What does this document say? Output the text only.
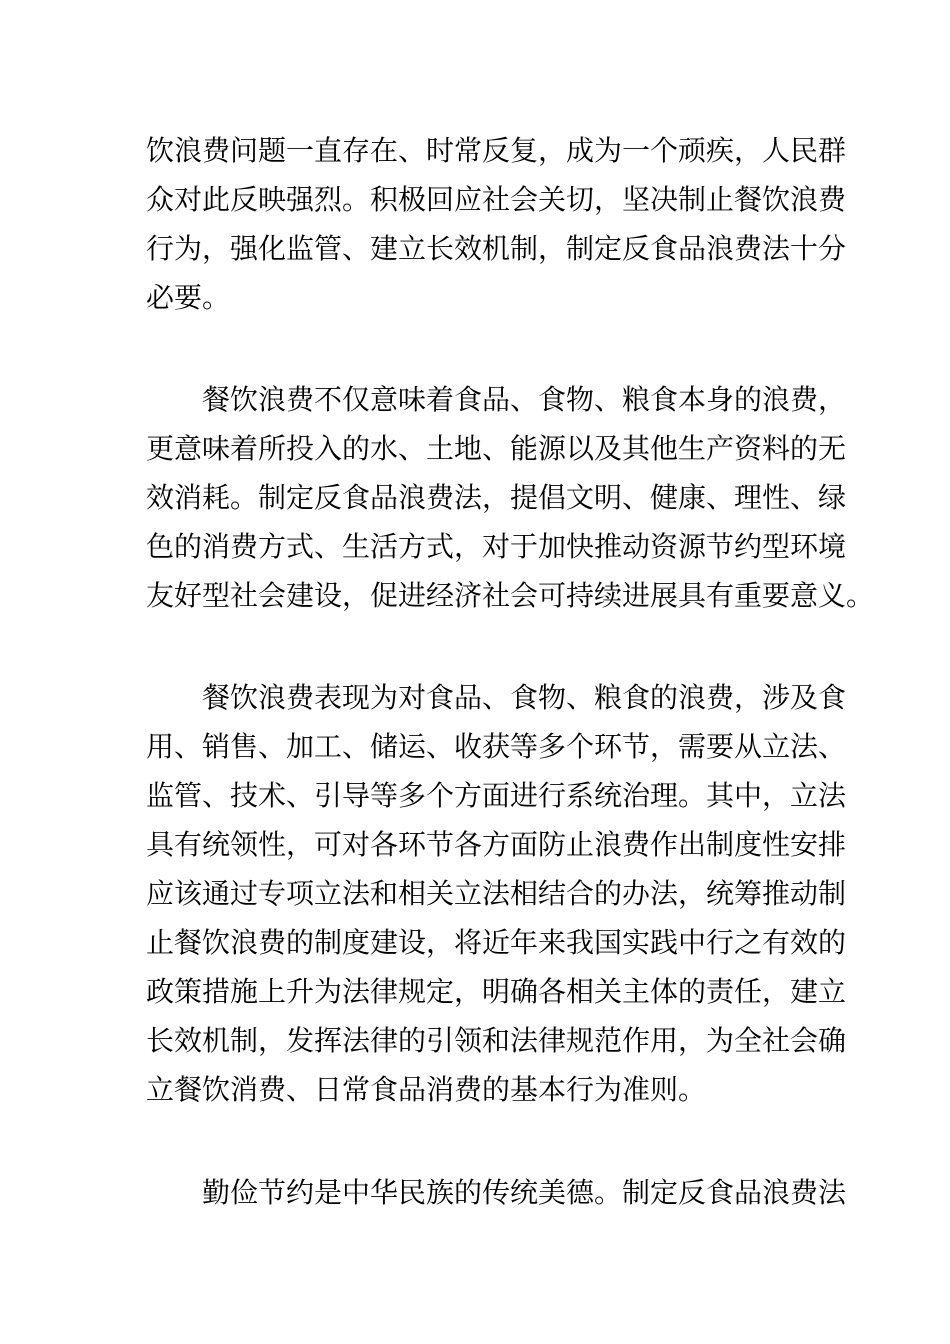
饮浪费问题一直存在、时常反复，成为一个顽疾，人民群
众对此反映强烈。积极回应社会关切，坚决制止餐饮浪费
行为，强化监管、建立长效机制，制定反食品浪费法十分
必要。

餐饮浪费不仅意味着食品、食物、粮食本身的浪费，
更意味着所投入的水、土地、能源以及其他生产资料的无
效消耗。制定反食品浪费法，提倡文明、健康、理性、绿
色的消费方式、生活方式，对于加快推动资源节约型环境
友好型社会建设，促进经济社会可持续进展具有重要意义。

餐饮浪费表现为对食品、食物、粮食的浪费，涉及食
用、销售、加工、储运、收获等多个环节，需要从立法、
监管、技术、引导等多个方面进行系统治理。其中，立法
具有统领性，可对各环节各方面防止浪费作出制度性安排
应该通过专项立法和相关立法相结合的办法，统筹推动制
止餐饮浪费的制度建设，将近年来我国实践中行之有效的
政策措施上升为法律规定，明确各相关主体的责任，建立
长效机制，发挥法律的引领和法律规范作用，为全社会确
立餐饮消费、日常食品消费的基本行为准则。

勤俭节约是中华民族的传统美德。制定反食品浪费法
